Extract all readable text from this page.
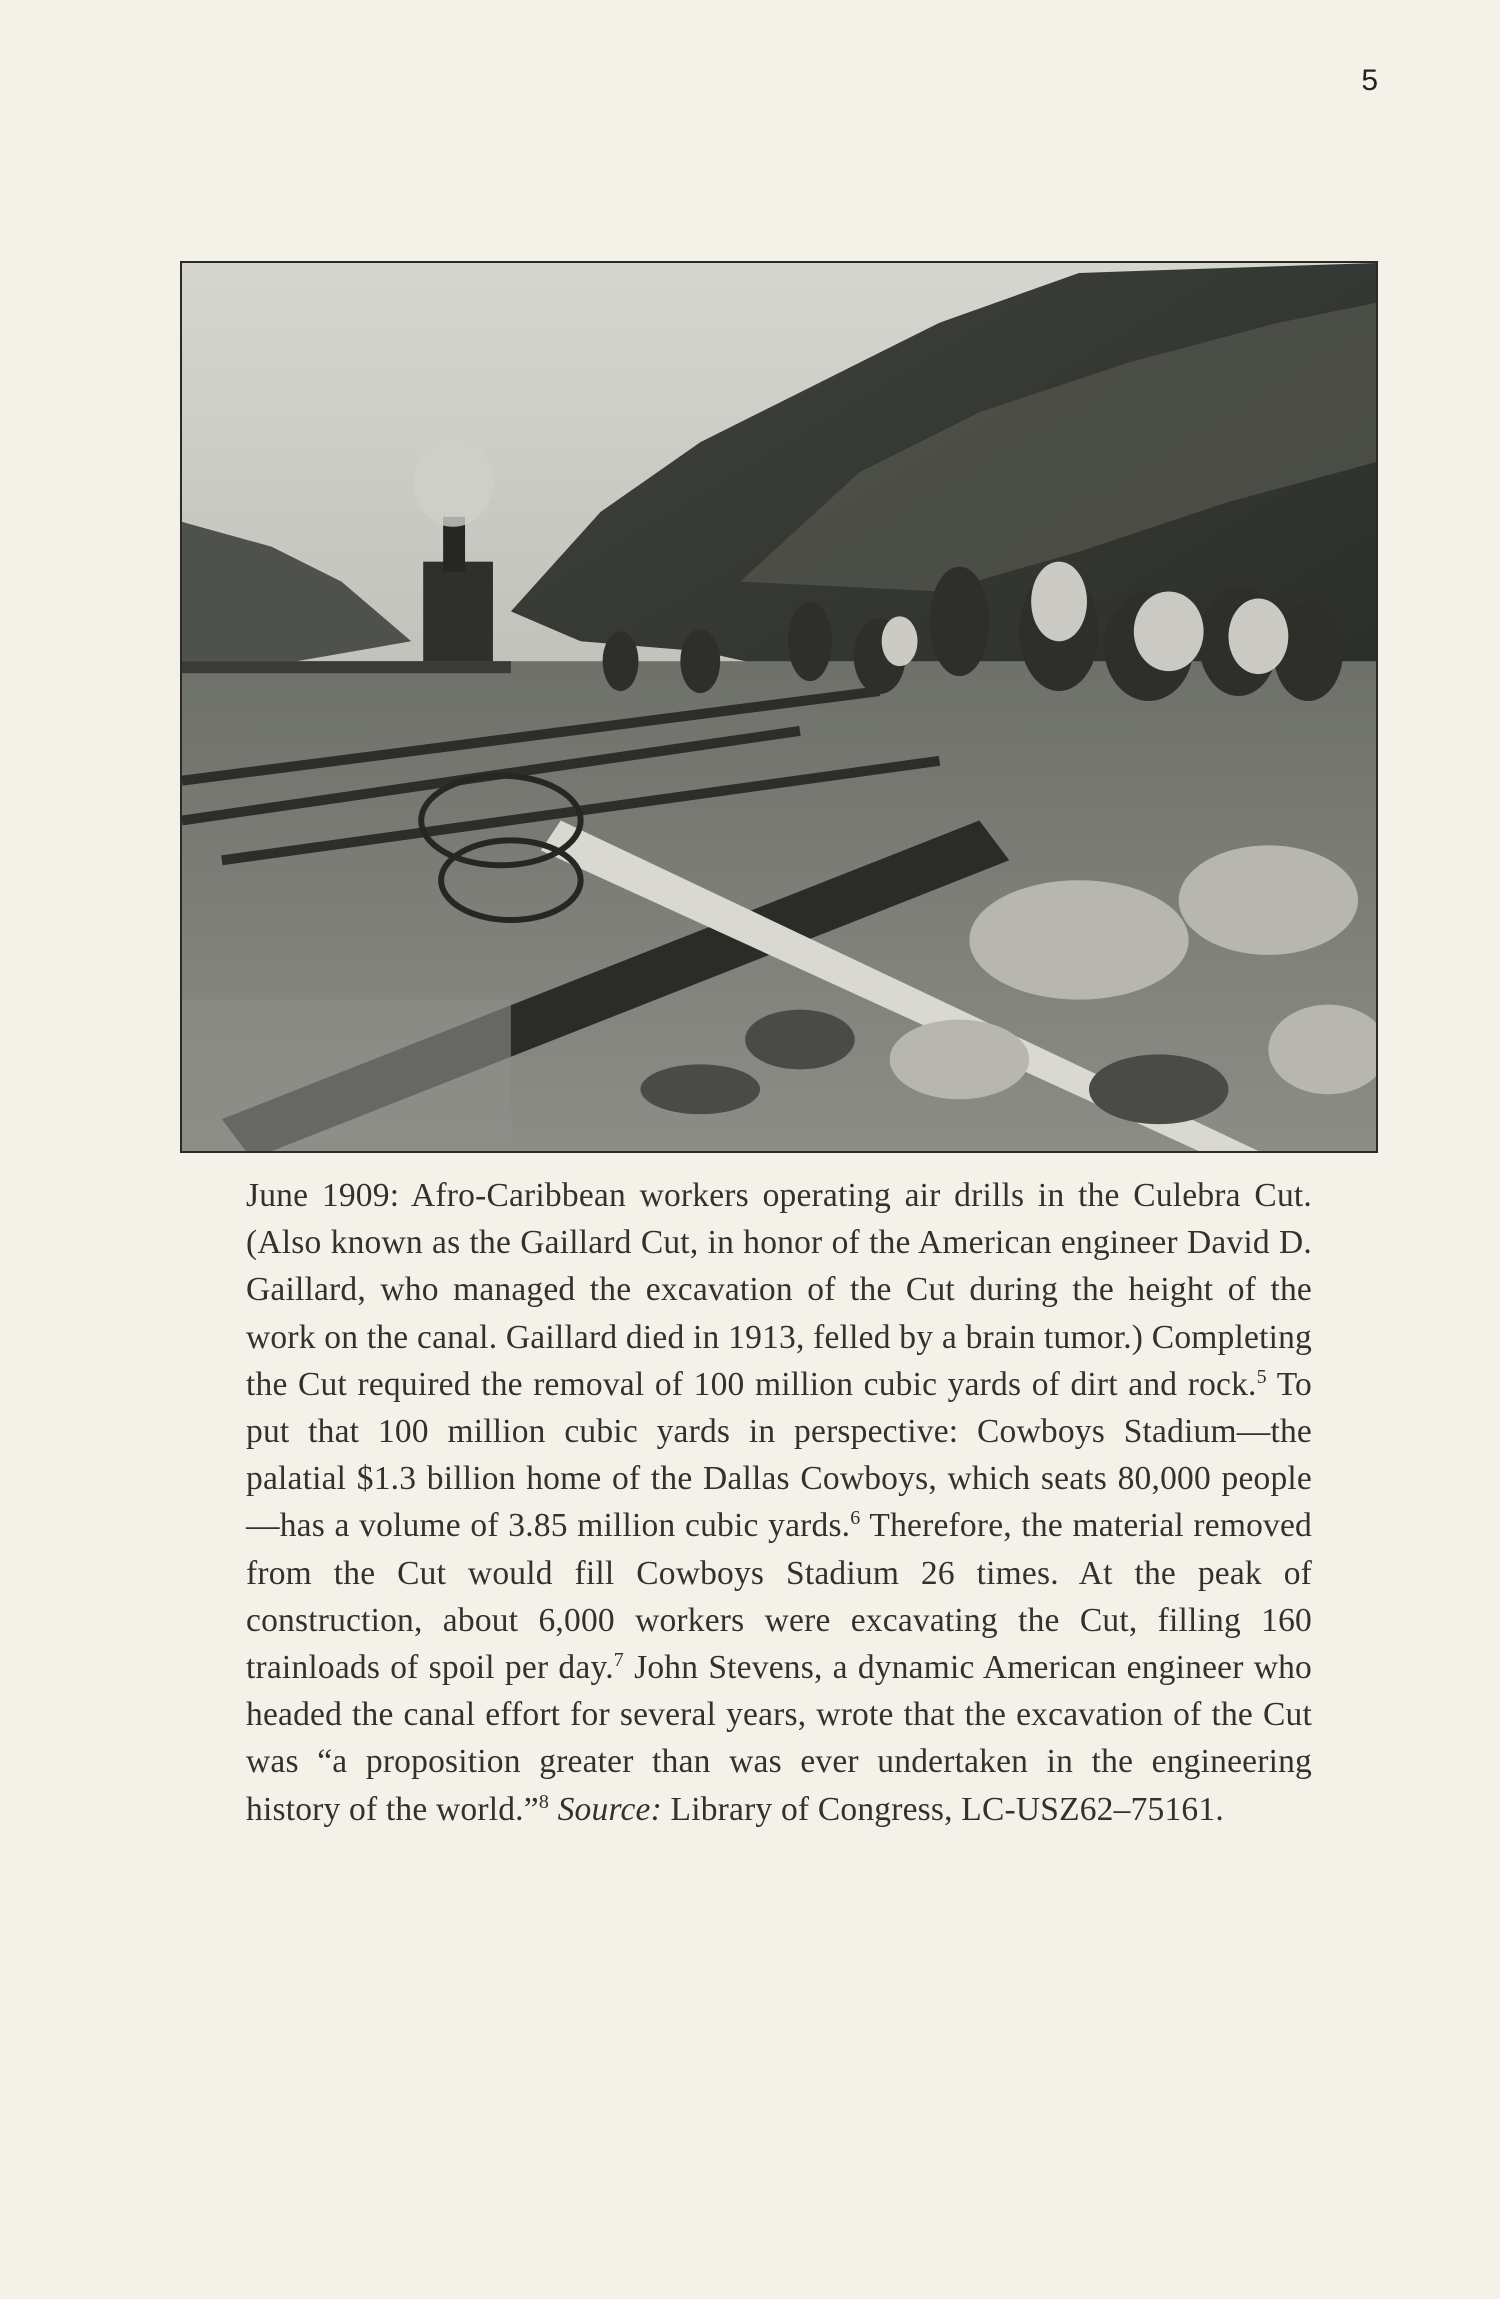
5

June 1909: Afro-Caribbean workers operating air drills in the Culebra Cut. (Also known as the Gaillard Cut, in honor of the American engineer David D. Gaillard, who managed the excavation of the Cut during the height of the work on the canal. Gaillard died in 1913, felled by a brain tumor.) Completing the Cut required the removal of 100 million cubic yards of dirt and rock.$^5$ To put that 100 million cubic yards in perspective: Cowboys Stadium—the palatial $1.3 billion home of the Dallas Cowboys, which seats 80,000 people—has a volume of 3.85 million cubic yards.$^6$ Therefore, the material removed from the Cut would fill Cowboys Stadium 26 times. At the peak of construction, about 6,000 workers were excavating the Cut, filling 160 trainloads of spoil per day.$^7$ John Stevens, a dynamic American engineer who headed the canal effort for several years, wrote that the excavation of the Cut was “a proposition greater than was ever undertaken in the engineering history of the world.”$^8$ Source: Library of Congress, LC-USZ62–75161.
